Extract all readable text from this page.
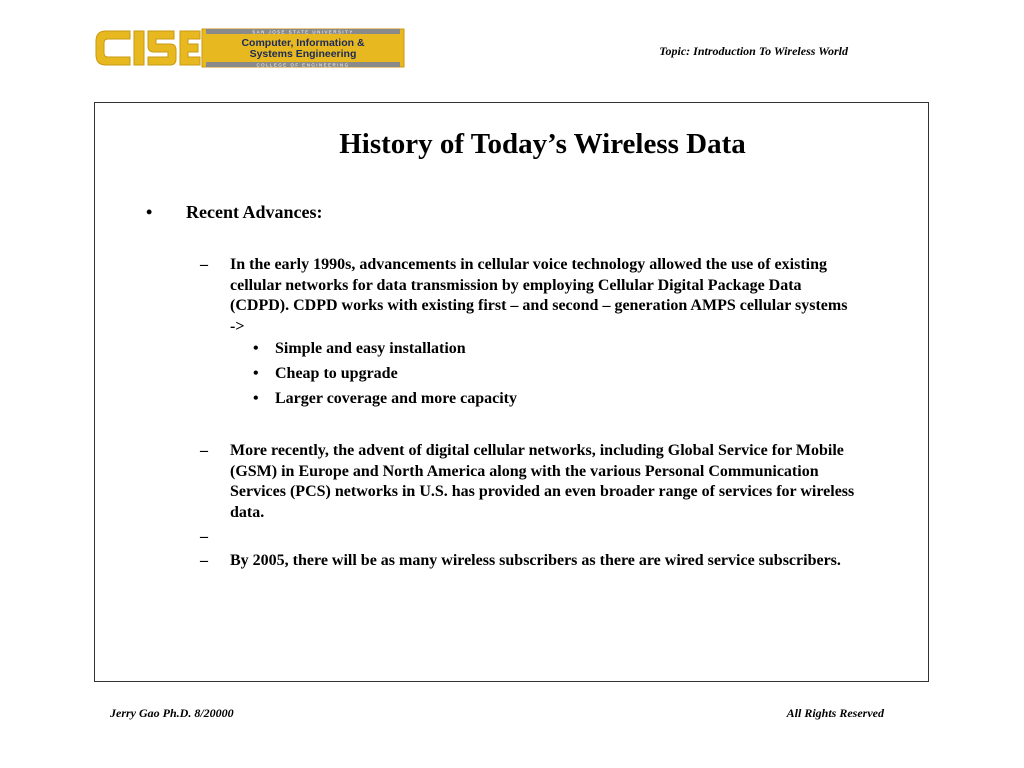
SAN JOSE STATE UNIVERSITY
Computer, Information &
Systems Engineering
COLLEGE OF ENGINEERING
Topic: Introduction To Wireless World
History of Today’s Wireless Data
• Recent Advances:
– In the early 1990s, advancements in cellular voice technology allowed the use of existing cellular networks for data transmission by employing Cellular Digital Package Data (CDPD). CDPD works with existing first – and second – generation AMPS cellular systems ->
• Simple and easy installation
• Cheap to upgrade
• Larger coverage and more capacity
– More recently, the advent of digital cellular networks, including Global Service for Mobile (GSM) in Europe and North America along with the various Personal Communication Services (PCS) networks in U.S. has provided an even broader range of services for wireless data.
–
– By 2005, there will be as many wireless subscribers as there are wired service subscribers.
Jerry Gao Ph.D. 8/20000	All Rights Reserved
